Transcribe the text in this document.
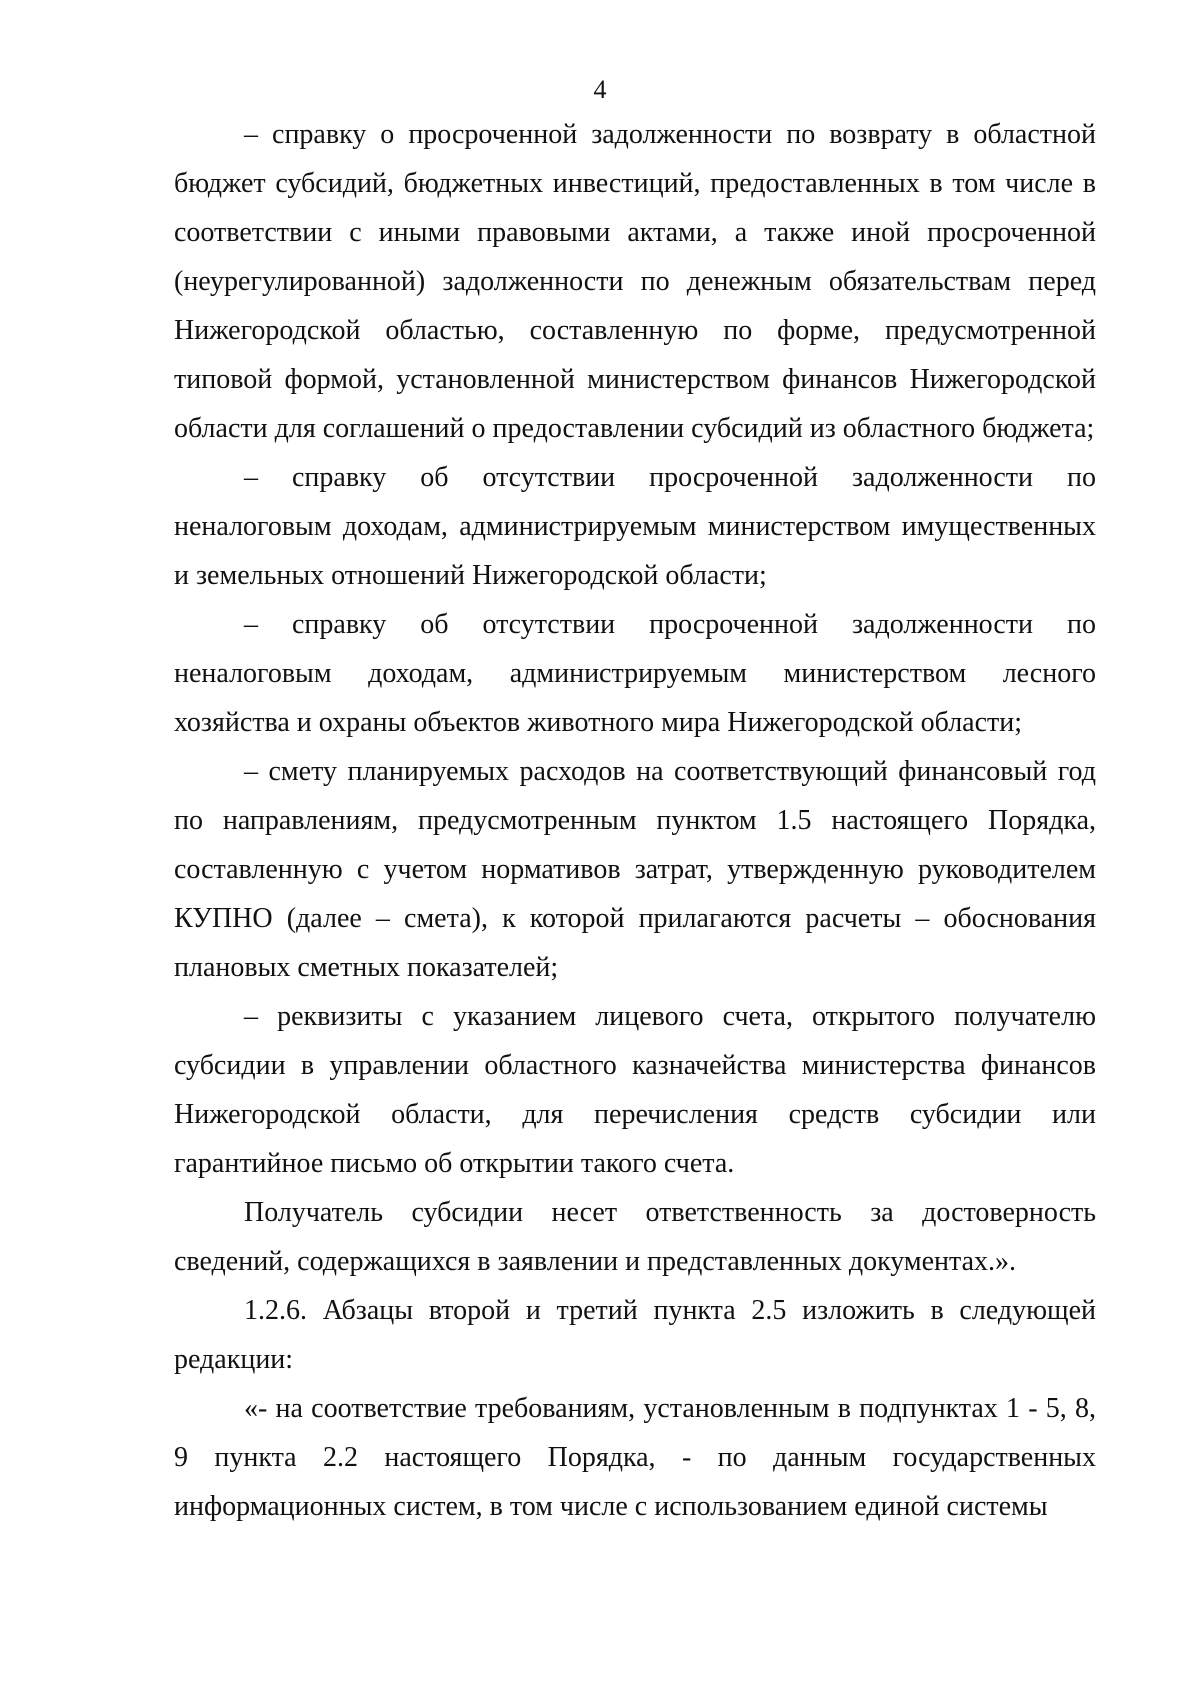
4

– справку о просроченной задолженности по возврату в областной бюджет субсидий, бюджетных инвестиций, предоставленных в том числе в соответствии с иными правовыми актами, а также иной просроченной (неурегулированной) задолженности по денежным обязательствам перед Нижегородской областью, составленную по форме, предусмотренной типовой формой, установленной министерством финансов Нижегородской области для соглашений о предоставлении субсидий из областного бюджета;

– справку об отсутствии просроченной задолженности по неналоговым доходам, администрируемым министерством имущественных и земельных отношений Нижегородской области;

– справку об отсутствии просроченной задолженности по неналоговым доходам, администрируемым министерством лесного хозяйства и охраны объектов животного мира Нижегородской области;

– смету планируемых расходов на соответствующий финансовый год по направлениям, предусмотренным пунктом 1.5 настоящего Порядка, составленную с учетом нормативов затрат, утвержденную руководителем КУПНО (далее – смета), к которой прилагаются расчеты – обоснования плановых сметных показателей;

– реквизиты с указанием лицевого счета, открытого получателю субсидии в управлении областного казначейства министерства финансов Нижегородской области, для перечисления средств субсидии или гарантийное письмо об открытии такого счета.

Получатель субсидии несет ответственность за достоверность сведений, содержащихся в заявлении и представленных документах.».

1.2.6. Абзацы второй и третий пункта 2.5 изложить в следующей редакции:

«- на соответствие требованиям, установленным в подпунктах 1 - 5, 8, 9 пункта 2.2 настоящего Порядка, - по данным государственных информационных систем, в том числе с использованием единой системы
